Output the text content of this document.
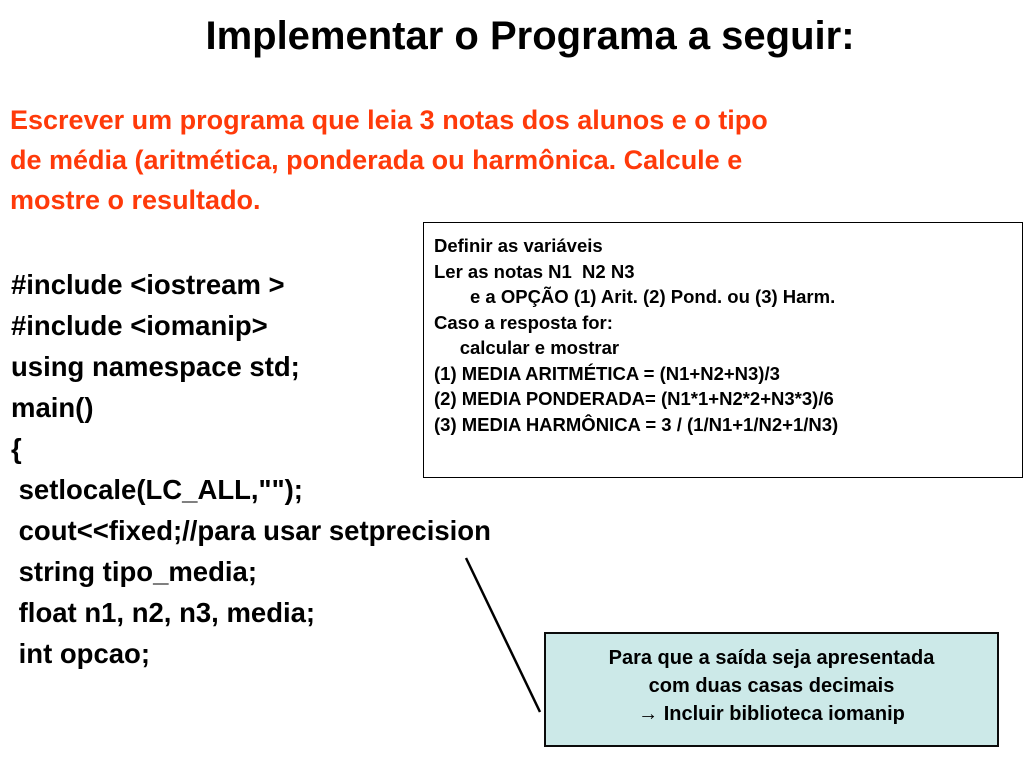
Implementar o Programa a seguir:
Escrever um programa que leia 3 notas dos alunos e o tipo
de média (aritmética, ponderada ou harmônica. Calcule e
mostre o resultado.
#include <iostream >
#include <iomanip>
using namespace std;
main()
{
setlocale(LC_ALL,"");
cout<<fixed;//para usar setprecision
string tipo_media;
float n1, n2, n3, media;
int opcao;
Definir as variáveis
Ler as notas N1  N2 N3
e a OPÇÃO (1) Arit. (2) Pond. ou (3) Harm.
Caso a resposta for:
calcular e mostrar
(1) MEDIA ARITMÉTICA = (N1+N2+N3)/3
(2) MEDIA PONDERADA= (N1*1+N2*2+N3*3)/6
(3) MEDIA HARMÔNICA = 3 / (1/N1+1/N2+1/N3)
Para que a saída seja apresentada
com duas casas decimais
→ Incluir biblioteca iomanip
